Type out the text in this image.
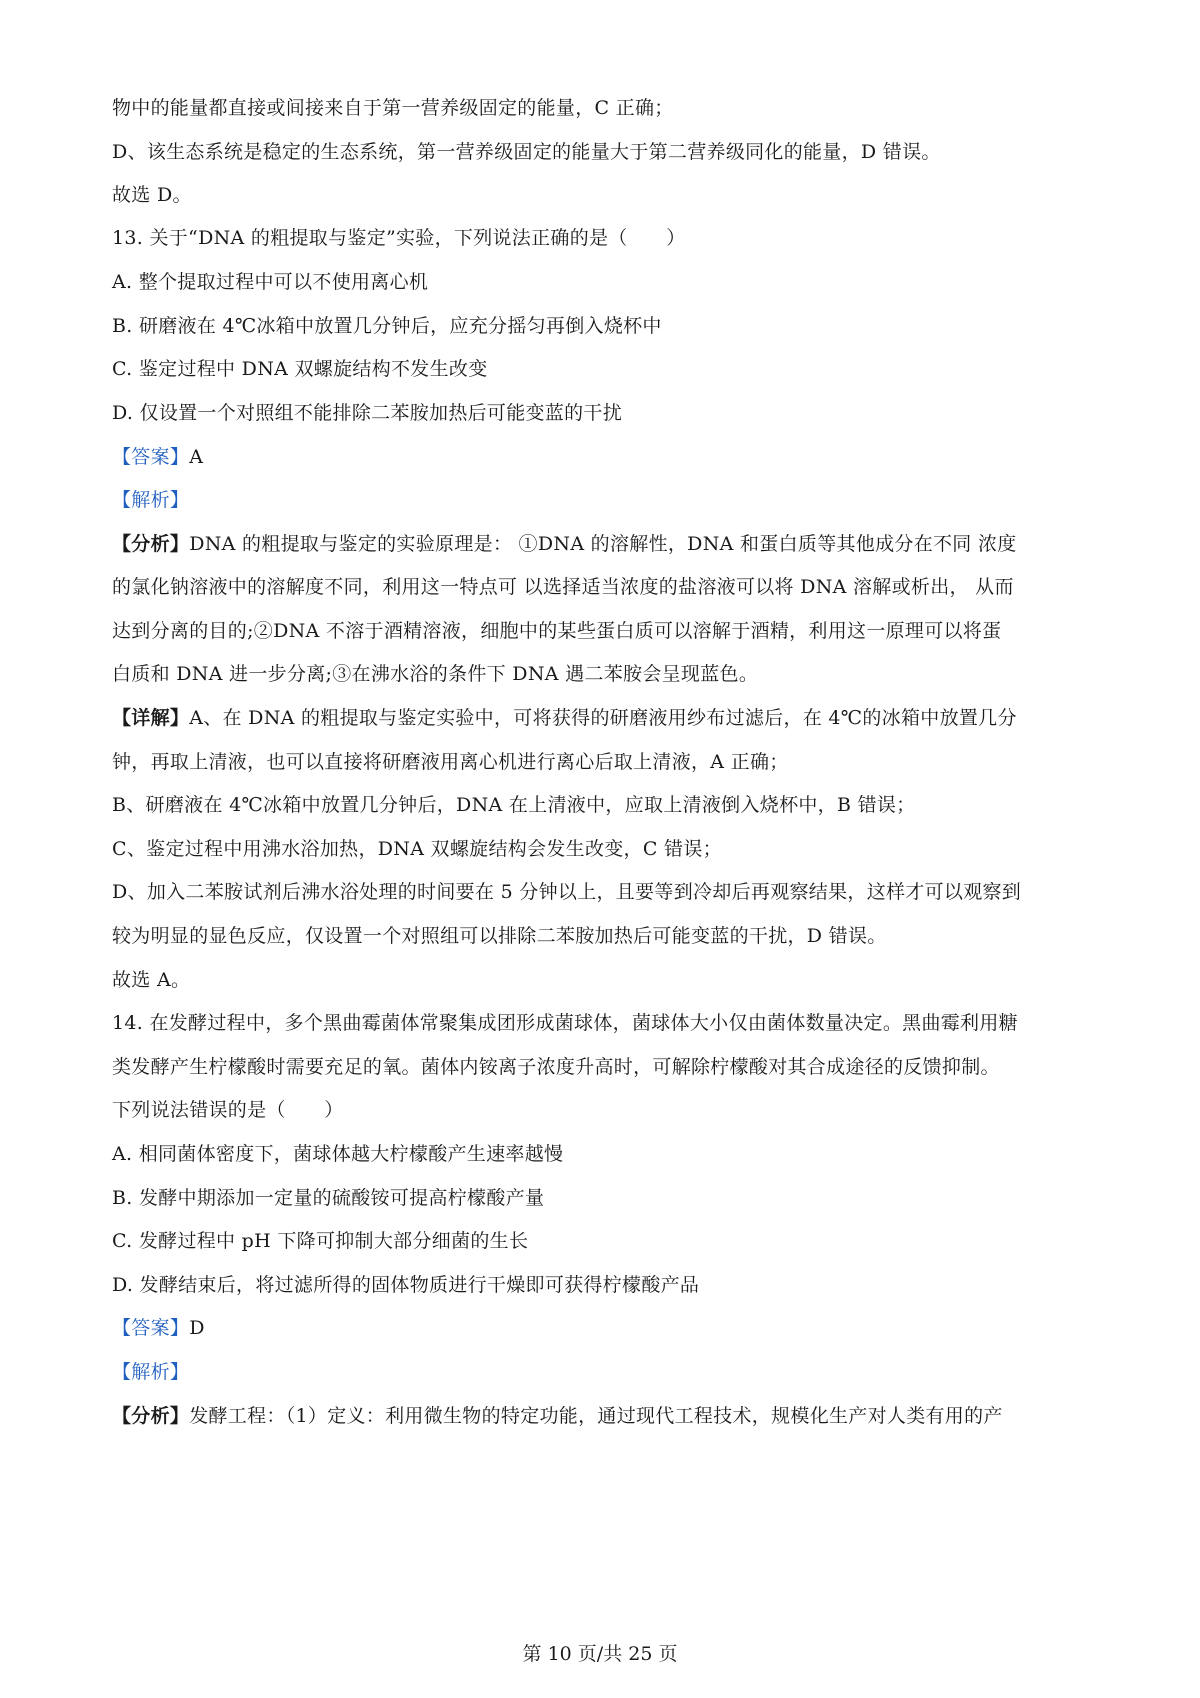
物中的能量都直接或间接来自于第一营养级固定的能量，C 正确；
D、该生态系统是稳定的生态系统，第一营养级固定的能量大于第二营养级同化的能量，D 错误。
故选 D。
13. 关于“DNA 的粗提取与鉴定”实验，下列说法正确的是（　　）
A. 整个提取过程中可以不使用离心机
B. 研磨液在 4℃冰箱中放置几分钟后，应充分摇匀再倒入烧杯中
C. 鉴定过程中 DNA 双螺旋结构不发生改变
D. 仅设置一个对照组不能排除二苯胺加热后可能变蓝的干扰
【答案】A
【解析】
【分析】DNA 的粗提取与鉴定的实验原理是： ①DNA 的溶解性，DNA 和蛋白质等其他成分在不同 浓度
的氯化钠溶液中的溶解度不同，利用这一特点可 以选择适当浓度的盐溶液可以将 DNA 溶解或析出， 从而
达到分离的目的;②DNA 不溶于酒精溶液，细胞中的某些蛋白质可以溶解于酒精，利用这一原理可以将蛋
白质和 DNA 进一步分离;③在沸水浴的条件下 DNA 遇二苯胺会呈现蓝色。
【详解】A、在 DNA 的粗提取与鉴定实验中，可将获得的研磨液用纱布过滤后，在 4℃的冰箱中放置几分
钟，再取上清液，也可以直接将研磨液用离心机进行离心后取上清液，A 正确；
B、研磨液在 4℃冰箱中放置几分钟后，DNA 在上清液中，应取上清液倒入烧杯中，B 错误；
C、鉴定过程中用沸水浴加热，DNA 双螺旋结构会发生改变，C 错误；
D、加入二苯胺试剂后沸水浴处理的时间要在 5 分钟以上，且要等到冷却后再观察结果，这样才可以观察到
较为明显的显色反应，仅设置一个对照组可以排除二苯胺加热后可能变蓝的干扰，D 错误。
故选 A。
14. 在发酵过程中，多个黑曲霉菌体常聚集成团形成菌球体，菌球体大小仅由菌体数量决定。黑曲霉利用糖
类发酵产生柠檬酸时需要充足的氧。菌体内铵离子浓度升高时，可解除柠檬酸对其合成途径的反馈抑制。
下列说法错误的是（　　）
A. 相同菌体密度下，菌球体越大柠檬酸产生速率越慢
B. 发酵中期添加一定量的硫酸铵可提高柠檬酸产量
C. 发酵过程中 pH 下降可抑制大部分细菌的生长
D. 发酵结束后，将过滤所得的固体物质进行干燥即可获得柠檬酸产品
【答案】D
【解析】
【分析】发酵工程：（1）定义：利用微生物的特定功能，通过现代工程技术，规模化生产对人类有用的产
第 10 页/共 25 页
